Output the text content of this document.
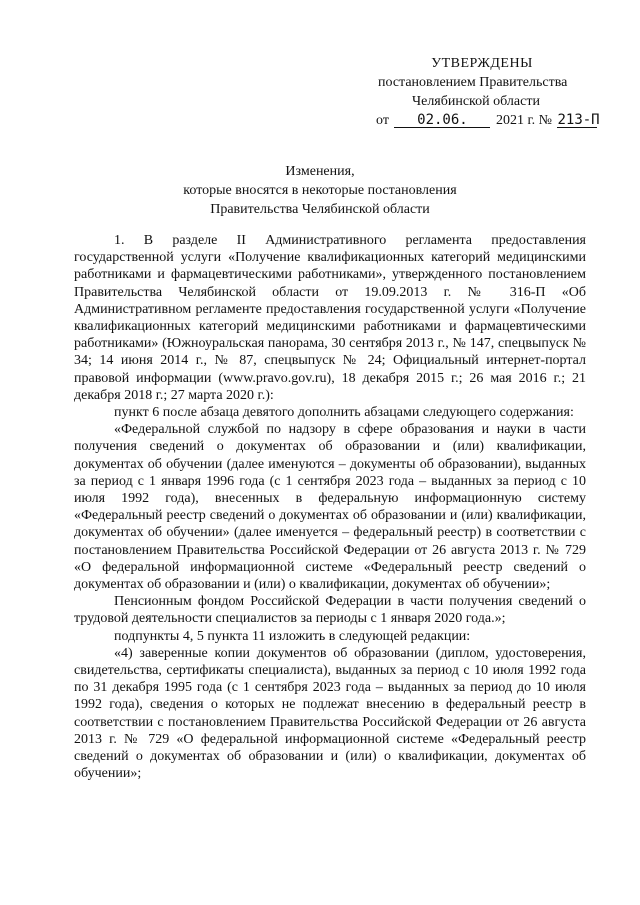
УТВЕРЖДЕНЫ
постановлением Правительства
Челябинской области
от 02.06. 2021 г. № 213-П
Изменения,
которые вносятся в некоторые постановления
Правительства Челябинской области

1. В разделе II Административного регламента предоставления государственной услуги «Получение квалификационных категорий медицинскими работниками и фармацевтическими работниками», утвержденного постановлением Правительства Челябинской области от 19.09.2013 г. № 316-П «Об Административном регламенте предоставления государственной услуги «Получение квалификационных категорий медицинскими работниками и фармацевтическими работниками» (Южноуральская панорама, 30 сентября 2013 г., № 147, спецвыпуск № 34; 14 июня 2014 г., № 87, спецвыпуск № 24; Официальный интернет-портал правовой информации (www.pravo.gov.ru), 18 декабря 2015 г.; 26 мая 2016 г.; 21 декабря 2018 г.; 27 марта 2020 г.):

пункт 6 после абзаца девятого дополнить абзацами следующего содержания:

«Федеральной службой по надзору в сфере образования и науки в части получения сведений о документах об образовании и (или) квалификации, документах об обучении (далее именуются – документы об образовании), выданных за период с 1 января 1996 года (с 1 сентября 2023 года – выданных за период с 10 июля 1992 года), внесенных в федеральную информационную систему «Федеральный реестр сведений о документах об образовании и (или) квалификации, документах об обучении» (далее именуется – федеральный реестр) в соответствии с постановлением Правительства Российской Федерации от 26 августа 2013 г. № 729 «О федеральной информационной системе «Федеральный реестр сведений о документах об образовании и (или) о квалификации, документах об обучении»;

Пенсионным фондом Российской Федерации в части получения сведений о трудовой деятельности специалистов за периоды с 1 января 2020 года.»;

подпункты 4, 5 пункта 11 изложить в следующей редакции:

«4) заверенные копии документов об образовании (диплом, удостоверения, свидетельства, сертификаты специалиста), выданных за период с 10 июля 1992 года по 31 декабря 1995 года (с 1 сентября 2023 года – выданных за период до 10 июля 1992 года), сведения о которых не подлежат внесению в федеральный реестр в соответствии с постановлением Правительства Российской Федерации от 26 августа 2013 г. № 729 «О федеральной информационной системе «Федеральный реестр сведений о документах об образовании и (или) о квалификации, документах об обучении»;
